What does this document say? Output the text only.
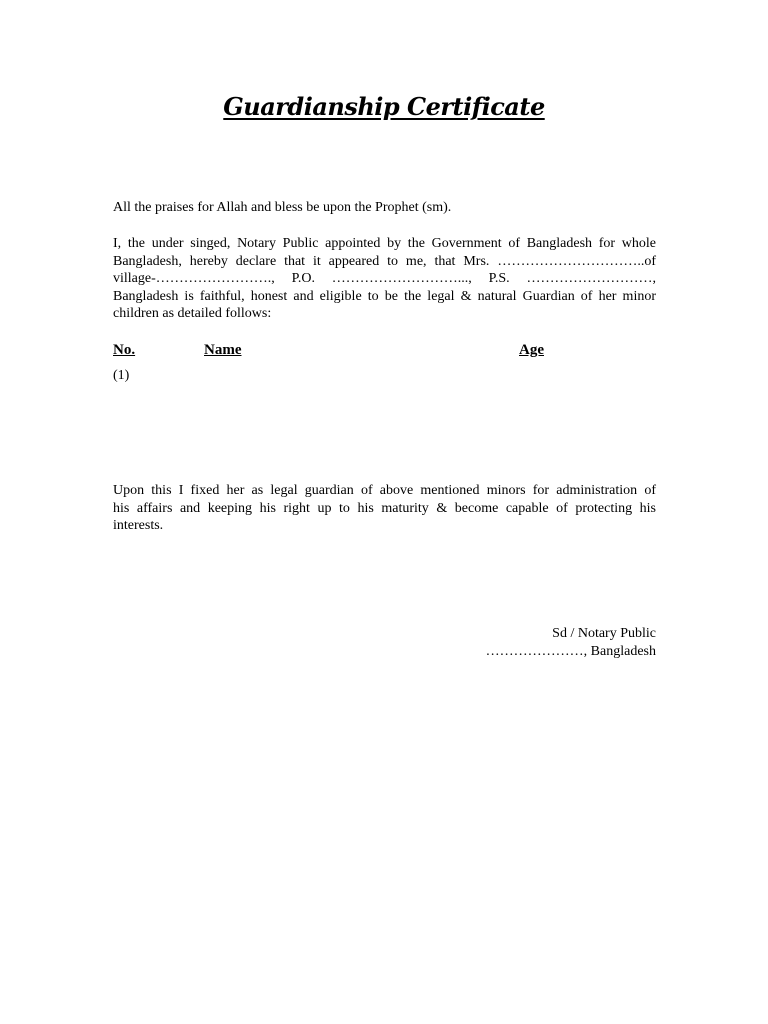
Guardianship Certificate
All the praises for Allah and bless be upon the Prophet (sm).
I, the under singed, Notary Public appointed by the Government of Bangladesh for whole
Bangladesh, hereby declare that it appeared to me, that Mrs. …………………………..of
village-……………………., P.O. ………………………..., P.S. ………………………,
Bangladesh is faithful, honest and eligible to be the legal & natural Guardian of her minor
children as detailed follows:
No.	Name	Age
(1)
Upon this I fixed her as legal guardian of above mentioned minors for administration of
his affairs and keeping his right up to his maturity & become capable of protecting his
interests.
Sd / Notary Public
…………………, Bangladesh
